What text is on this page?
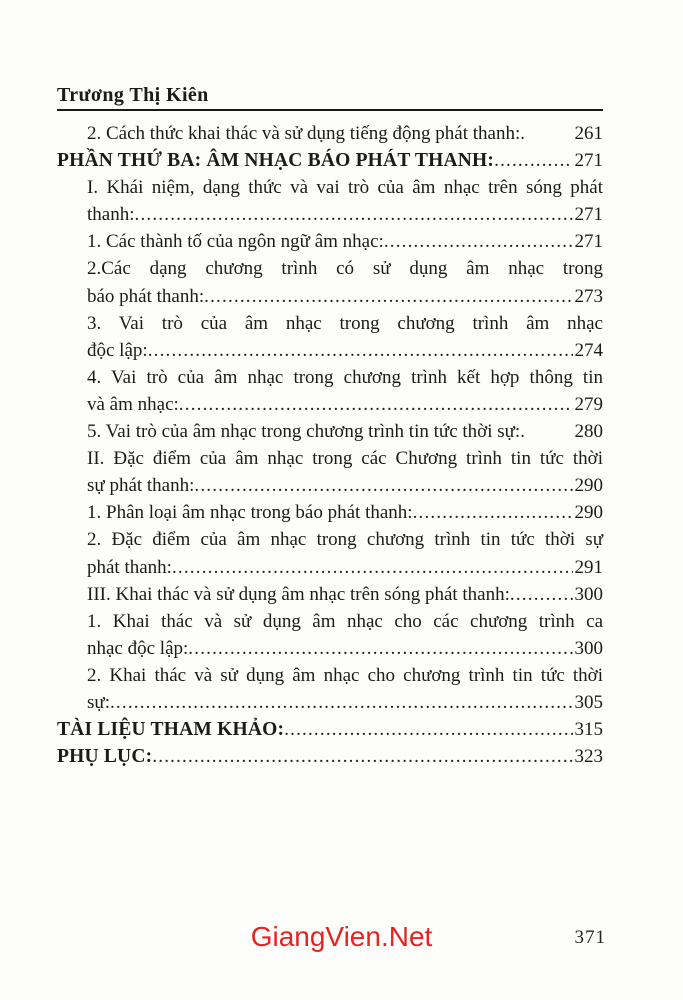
Trương Thị Kiên
2. Cách thức khai thác và sử dụng tiếng động phát thanh:.	261
PHẦN THỨ BA: ÂM NHẠC BÁO PHÁT THANH: .....	271
I. Khái niệm, dạng thức và vai trò của âm nhạc trên sóng phát
thanh: .....	271
1. Các thành tố của ngôn ngữ âm nhạc: .....	271
2.Các dạng chương trình có sử dụng âm nhạc trong
báo phát thanh: .....	273
3. Vai trò của âm nhạc trong chương trình âm nhạc
độc lập: .....	274
4. Vai trò của âm nhạc trong chương trình kết hợp thông tin
và âm nhạc: .....	279
5. Vai trò của âm nhạc trong chương trình tin tức thời sự:.	280
II. Đặc điểm của âm nhạc trong các Chương trình tin tức thời
sự phát thanh: .....	290
1. Phân loại âm nhạc trong báo phát thanh: .....	290
2. Đặc điểm của âm nhạc trong chương trình tin tức thời sự
phát thanh: .....	291
III. Khai thác và sử dụng âm nhạc trên sóng phát thanh: .....	300
1. Khai thác và sử dụng âm nhạc cho các chương trình ca
nhạc độc lập: .....	300
2. Khai thác và sử dụng âm nhạc cho chương trình tin tức thời
sự: .....	305
TÀI LIỆU THAM KHẢO: .....	315
PHỤ LỤC: .....	323
GiangVien.Net	371
